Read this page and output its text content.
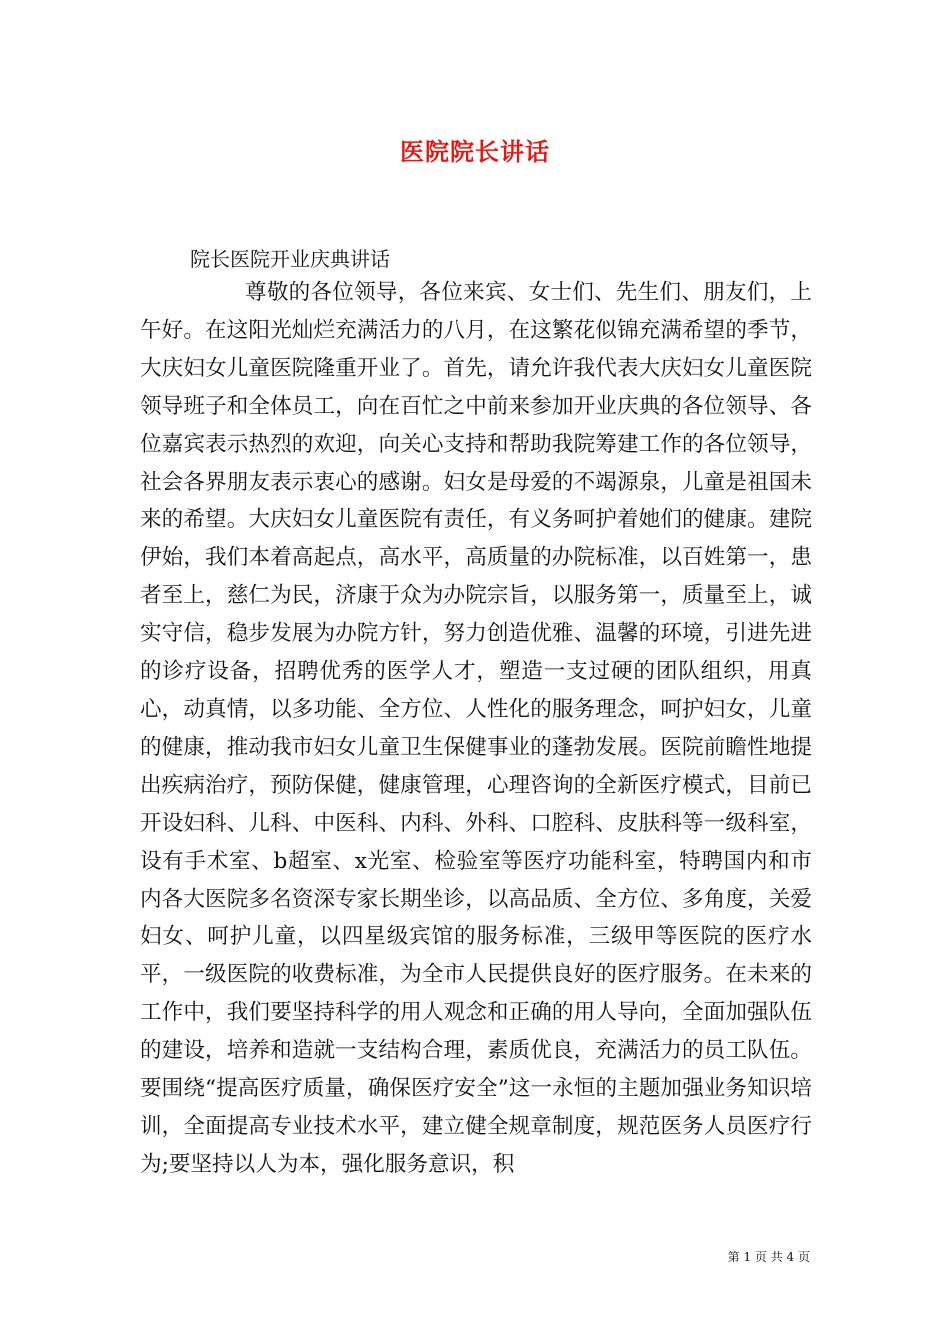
医院院长讲话

院长医院开业庆典讲话

尊敬的各位领导，各位来宾、女士们、先生们、朋友们，上午好。在这阳光灿烂充满活力的八月，在这繁花似锦充满希望的季节，大庆妇女儿童医院隆重开业了。首先，请允许我代表大庆妇女儿童医院领导班子和全体员工，向在百忙之中前来参加开业庆典的各位领导、各位嘉宾表示热烈的欢迎，向关心支持和帮助我院筹建工作的各位领导，社会各界朋友表示衷心的感谢。妇女是母爱的不竭源泉，儿童是祖国未来的希望。大庆妇女儿童医院有责任，有义务呵护着她们的健康。建院伊始，我们本着高起点，高水平，高质量的办院标准，以百姓第一，患者至上，慈仁为民，济康于众为办院宗旨，以服务第一，质量至上，诚实守信，稳步发展为办院方针，努力创造优雅、温馨的环境，引进先进的诊疗设备，招聘优秀的医学人才，塑造一支过硬的团队组织，用真心，动真情，以多功能、全方位、人性化的服务理念，呵护妇女，儿童的健康，推动我市妇女儿童卫生保健事业的蓬勃发展。医院前瞻性地提出疾病治疗，预防保健，健康管理，心理咨询的全新医疗模式，目前已开设妇科、儿科、中医科、内科、外科、口腔科、皮肤科等一级科室，设有手术室、b超室、x光室、检验室等医疗功能科室，特聘国内和市内各大医院多名资深专家长期坐诊，以高品质、全方位、多角度，关爱妇女、呵护儿童，以四星级宾馆的服务标准，三级甲等医院的医疗水平，一级医院的收费标准，为全市人民提供良好的医疗服务。在未来的工作中，我们要坚持科学的用人观念和正确的用人导向，全面加强队伍的建设，培养和造就一支结构合理，素质优良，充满活力的员工队伍。要围绕“提高医疗质量，确保医疗安全”这一永恒的主题加强业务知识培训，全面提高专业技术水平，建立健全规章制度，规范医务人员医疗行为;要坚持以人为本，强化服务意识，积

第 1 页 共 4 页
